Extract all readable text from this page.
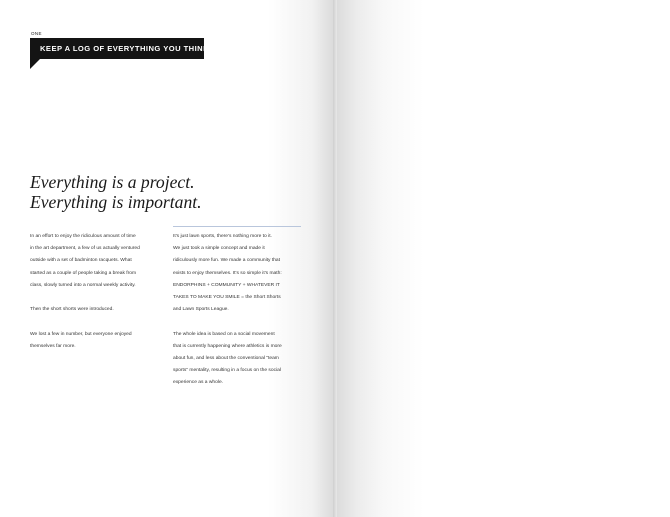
ONE
KEEP A LOG OF EVERYTHING YOU THINK OF
Everything is a project.
Everything is important.

In an effort to enjoy the ridiculous amount of time
in the art department, a few of us actually ventured
outside with a set of badminton racquets. What
started as a couple of people taking a break from
class, slowly turned into a normal weekly activity.

Then the short shorts were introduced.

We lost a few in number, but everyone enjoyed
themselves far more.

It's just lawn sports, there's nothing more to it.
We just took a simple concept and made it
ridiculously more fun. We made a community that
exists to enjoy themselves. It's so simple it's math:
ENDORPHINS + COMMUNITY + WHATEVER IT
TAKES TO MAKE YOU SMILE = the Short Shorts
and Lawn Sports League.

The whole idea is based on a social movement
that is currently happening where athletics is more
about fun, and less about the conventional "team
sports" mentality, resulting in a focus on the social
experience as a whole.
